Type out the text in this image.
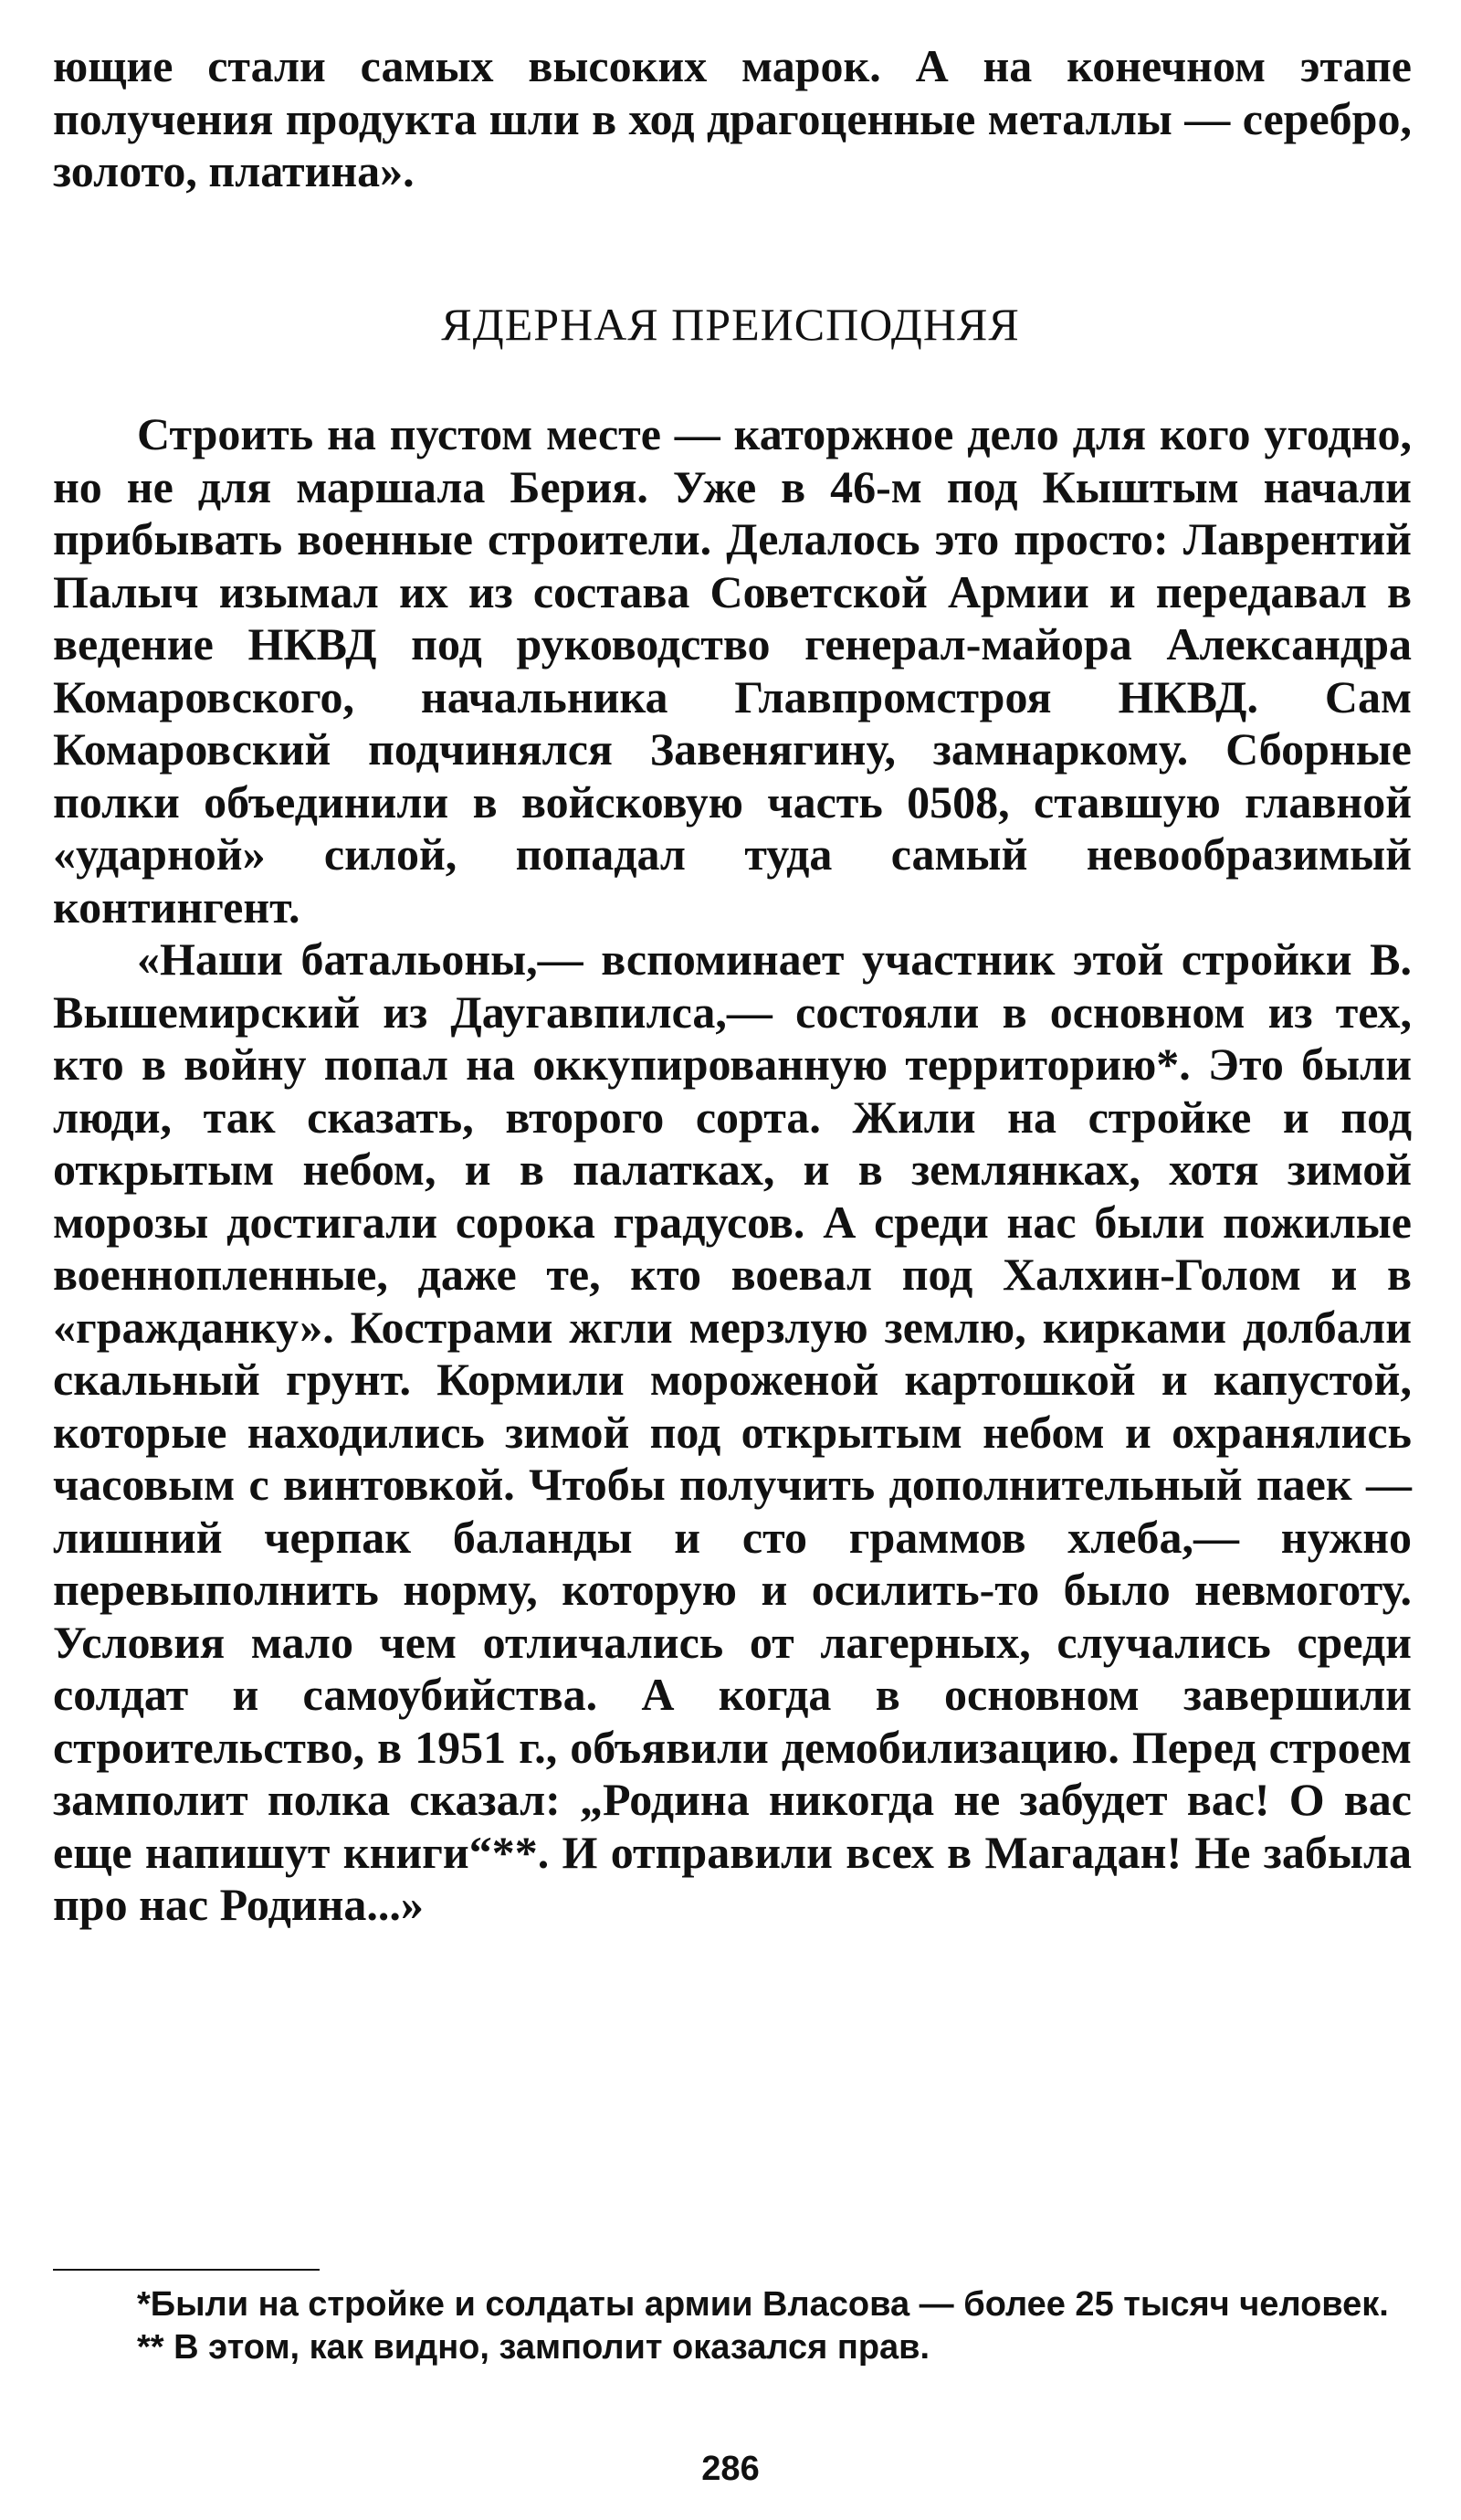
ющие стали самых высоких марок. А на конечном этапе получения продукта шли в ход драгоценные металлы — серебро, золото, платина».

ЯДЕРНАЯ ПРЕИСПОДНЯЯ

Строить на пустом месте — каторжное дело для кого угодно, но не для маршала Берия. Уже в 46-м под Кыштым начали прибывать военные строители. Делалось это просто: Лаврентий Палыч изымал их из состава Советской Армии и передавал в ведение НКВД под руководство генерал-майора Александра Комаровского, начальника Главпромстроя НКВД. Сам Комаровский подчинялся Завенягину, замнаркому. Сборные полки объединили в войсковую часть 0508, ставшую главной «ударной» силой, попадал туда самый невообразимый контингент.

«Наши батальоны,— вспоминает участник этой стройки В. Вышемирский из Даугавпилса,— состояли в основном из тех, кто в войну попал на оккупированную территорию*. Это были люди, так сказать, второго сорта. Жили на стройке и под открытым небом, и в палатках, и в землянках, хотя зимой морозы достигали сорока градусов. А среди нас были пожилые военнопленные, даже те, кто воевал под Халхин-Голом и в «гражданку». Кострами жгли мерзлую землю, кирками долбали скальный грунт. Кормили мороженой картошкой и капустой, которые находились зимой под открытым небом и охранялись часовым с винтовкой. Чтобы получить дополнительный паек — лишний черпак баланды и сто граммов хлеба,— нужно перевыполнить норму, которую и осилить-то было невмоготу. Условия мало чем отличались от лагерных, случались среди солдат и самоубийства. А когда в основном завершили строительство, в 1951 г., объявили демобилизацию. Перед строем замполит полка сказал: „Родина никогда не забудет вас! О вас еще напишут книги“**. И отправили всех в Магадан! Не забыла про нас Родина...»

*Были на стройке и солдаты армии Власова — более 25 тысяч человек.

** В этом, как видно, замполит оказался прав.

286
